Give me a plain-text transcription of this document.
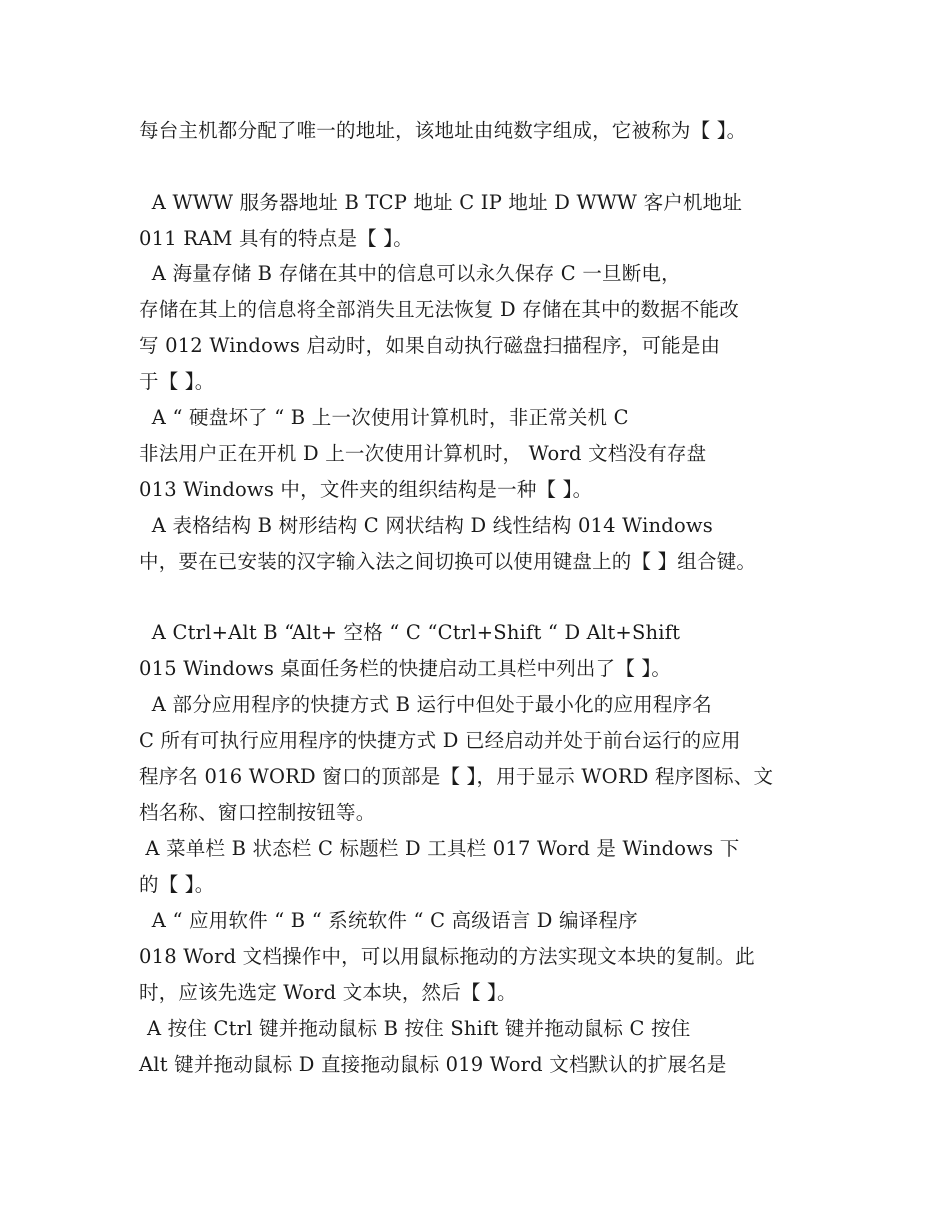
每台主机都分配了唯一的地址，该地址由纯数字组成，它被称为【 】。
A WWW 服务器地址 B TCP 地址 C IP 地址 D WWW 客户机地址
011 RAM 具有的特点是【 】。
A 海量存储 B 存储在其中的信息可以永久保存 C 一旦断电，
存储在其上的信息将全部消失且无法恢复 D 存储在其中的数据不能改
写 012 Windows 启动时，如果自动执行磁盘扫描程序，可能是由
于【 】。
A “ 硬盘坏了 “ B 上一次使用计算机时，非正常关机 C
非法用户正在开机 D 上一次使用计算机时， Word 文档没有存盘
013 Windows 中，文件夹的组织结构是一种【 】。
A 表格结构 B 树形结构 C 网状结构 D 线性结构 014 Windows
中，要在已安装的汉字输入法之间切换可以使用键盘上的【 】组合键。
A Ctrl+Alt B “Alt+ 空格 “ C “Ctrl+Shift “ D Alt+Shift
015 Windows 桌面任务栏的快捷启动工具栏中列出了【 】。
A 部分应用程序的快捷方式 B 运行中但处于最小化的应用程序名
C 所有可执行应用程序的快捷方式 D 已经启动并处于前台运行的应用
程序名 016 WORD 窗口的顶部是【 】，用于显示 WORD 程序图标、文
档名称、窗口控制按钮等。
A 菜单栏 B 状态栏 C 标题栏 D 工具栏 017 Word 是 Windows 下
的【 】。
A “ 应用软件 “ B “ 系统软件 “ C 高级语言 D 编译程序
018 Word 文档操作中，可以用鼠标拖动的方法实现文本块的复制。此
时，应该先选定 Word 文本块，然后【 】。
A 按住 Ctrl 键并拖动鼠标 B 按住 Shift 键并拖动鼠标 C 按住
Alt 键并拖动鼠标 D 直接拖动鼠标 019 Word 文档默认的扩展名是
